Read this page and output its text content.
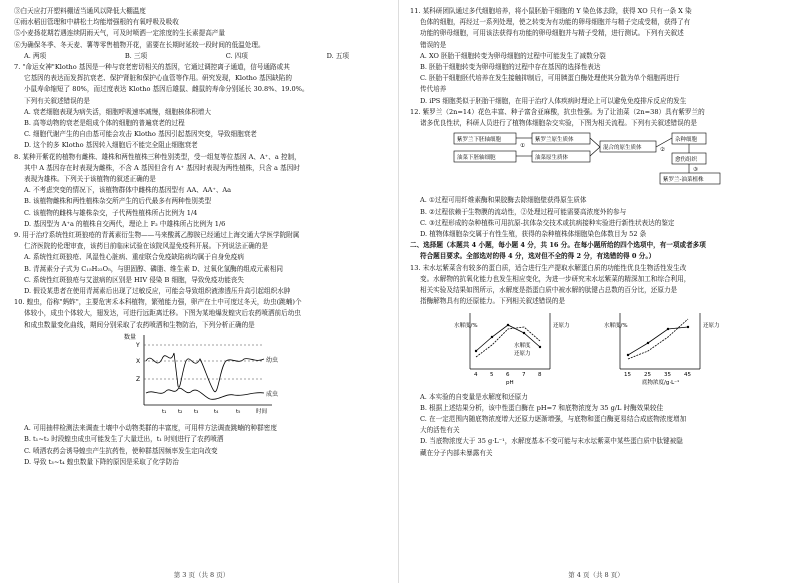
③白天应打开塑料棚适当通风以降低大棚温度

④雨水稻田管理和中耕松土均能增强根的有氧呼吸及吸收

⑤小麦扬花期若遇连续阴雨天气，可及时喷洒一定浓度的生长素提高产量

⑥为确保冬季、冬天麦、薯等零售植物开花，需要在长期时延较一段时间的低温处理。

A. 两项	B. 三项	C. 四项	D. 五项

7. "命运女神"Klotho 基因是一种与衰老密切相关的基因，它通过调控离子通道，信号通路或其

它基因的表达而发挥抗衰老、保护肾脏和保护心血管等作用。研究发现，Klotho 基因缺陷的

小鼠寿命缩短了 80%，而过度表达 Klotho 基因后雄鼠、雌鼠的寿命分别延长 30.8%、19.0%。

下列有关叙述错误的是

A. 衰老细胞表现为病失活，细胞呼吸速率减慢，细胞核体积增大

B. 高等动物的衰老是组成个体的细胞的普遍衰老的过程

C. 细胞代谢产生的自由基可能会攻击 Klotho 基因引起基因突变，导致细胞衰老

D. 这个的多 Klotho 基因转入细胞后不能完全阻止细胞衰老

8. 某种开紫花的植物有雌株、雄株和两性植株三种性别类型，受一组复等位基因 A、A⁺、a 控制，

其中 A 基因存在时表现为雌株，不含 A 基因但含有 A⁺ 基因时表现为两性植株，只含 a 基因时

表现为雄株。下列关于该植物的叙述正确的是

A. 不考虑突变的情况下，该植物群体中雌株的基因型有 AA、AA⁺、Aa

B. 该植物雌株和两性植株杂交所产生的后代最多有两种性别类型

C. 该植物的雌株与雄株杂交，子代两性植株所占比例为 1/4

D. 基因型为 A⁺a 的植株自交两代，理论上 F₂ 中雄株所占比例为 1/6

9. 用于治疗系统性红斑狼疮的青蒿素衍生物——马来酸蒿乙醇胺已经通过上海交通大学医学院附属

仁济医院的伦理审查，该药目前临床试验在该院风湿免疫科开展。下列说法正确的是

A. 系统性红斑狼疮、风湿性心脏病、重症联合免疫缺陷病均属于自身免疫病

B. 青蒿素分子式为 C₁₅H₂₂O₅，与胆固醇、磷脂、维生素 D、过氧化氢酶的组成元素相同

C. 系统性红斑狼疮与艾滋病的区别是 HIV 侵染 B 细胞，导致免疫功能丧失

D. 假设某患者在使用青蒿素后出现了过敏反应，可能会导致组织液渗透压升高引起组织水肿

10. 蝗虫，俗称"蚂蚱"，主要危害禾本科植物，繁殖能力强，卵产在土中可度过冬天，幼虫(跳蝻)个

体较小，成虫个体较大，翅发达，可进行远距离迁移。下图为某地爆发蝗灾后农药喷洒前后幼虫

和成虫数量变化曲线，期间分别采取了农药喷洒和生物防治，下列分析正确的是

数量
Y
X
Z
幼虫
成虫
t₁ t₂ t₃	t₄	t₅	时间

A. 可用抽样检测法来调查土壤中小动物类群的丰富度，可用样方法调查跳蝻的种群密度

B. t₁~t₂ 时段蝗虫成虫可能发生了大量迁出，t₁ 时则进行了农药喷洒

C. 喷洒农药会诱导蝗虫产生抗药性，使种群基因频率发生定向改变

D. 导致 t₃~t₄ 蝗虫数量下降的原因是采取了化学防治

第 3 页（共 8 页）

11. 某科研团队通过多代细胞培养，将小鼠胚胎干细胞的 Y 染色体去除，获得 XO 只有一条 X 染

色体的细胞，再经过一系列处理，使之转变为有功能的卵母细胞并与精子完成受精，获得了有

功能的卵母细胞，可用该法获得有功能的卵母细胞并与精子受精，进行测试。下列有关叙述

错误的是

A. XO 胚胎干细胞转变为卵母细胞的过程中可能发生了减数分裂

B. 胚胎干细胞转变为卵母细胞的过程中存在基因的选择性表达

C. 胚胎干细胞胚代培养在发生接触抑制后，可用胰蛋白酶处理使其分散为单个细胞再进行

传代培养

D. iPS 细胞类似于胚胎干细胞，在用于治疗人体疾病时理论上可以避免免疫排斥反应的发生

12. 紫罗兰（2n=14）花色丰富、种子富含亚麻酸，抗虫性强。为了让油菜（2n=38）具有紫罗兰的

诸多优良性状，科研人员进行了植物体细胞杂交实验，下图为相关流程。下列有关叙述错误的是

紫罗兰下胚轴细胞
油菜下胚轴细胞
①
紫罗兰原生质体
油菜原生质体
混合的原生质体	②
杂种细胞
愈伤组织
③
紫罗兰-油菜植株

A. ①过程可用纤维素酶和果胶酶去除细胞壁获得原生质体

B. ②过程依赖于生物膜的流动性，②处理过程可能需要高浓度外的参与

C. ③过程形成的杂种植株可用抗原-抗体杂交技术或抗病接种实验进行新性状表达的鉴定

D. 植物体细胞杂交属于有性生殖，获得的杂种植株体细胞染色体数目为 52 条

二、选择题（本题共 4 小题，每小题 4 分，共 16 分。在每小题所给的四个选项中，有一项或者多项

符合题目要求。全部选对的得 4 分，选对但不全的得 2 分，有选错的得 0 分。）

13. 末水坛紫菜含有较多的蛋白质，适合进行生产提取水解蛋白质的功能性优良生物活性发生改

变。水解物的抗氧化能力也发生相应变化，为进一步研究末水坛紫菜的精深加工和综合利用，

相关实验及结果如图所示，水解度是指蛋白质中被水解的肽键占总数的百分比，还原力是

指酶解物具有的还原能力。下列相关叙述错误的是

水解度/%	还原力
水解度
还原力
4 5 6 7 8
pH
水解度/%	还原力
15 25 35 45
底物浓度/g·L⁻¹

A. 本实验的自变量是水解度和还原力

B. 根据上述结果分析，该中性蛋白酶在 pH=7 和底物浓度为 35 g/L 时酶效果较佳

C. 在一定范围内随底物浓度增大还原力逐渐增强，与底物和蛋白酶更易结合成底物浓度增加

大的活性有关

D. 当底物浓度大于 35 g·L⁻¹，水解度基本不变可能与末水坛紫菜中某些蛋白质中肽键被隐

藏在分子内部未暴露有关

第 4 页（共 8 页）
